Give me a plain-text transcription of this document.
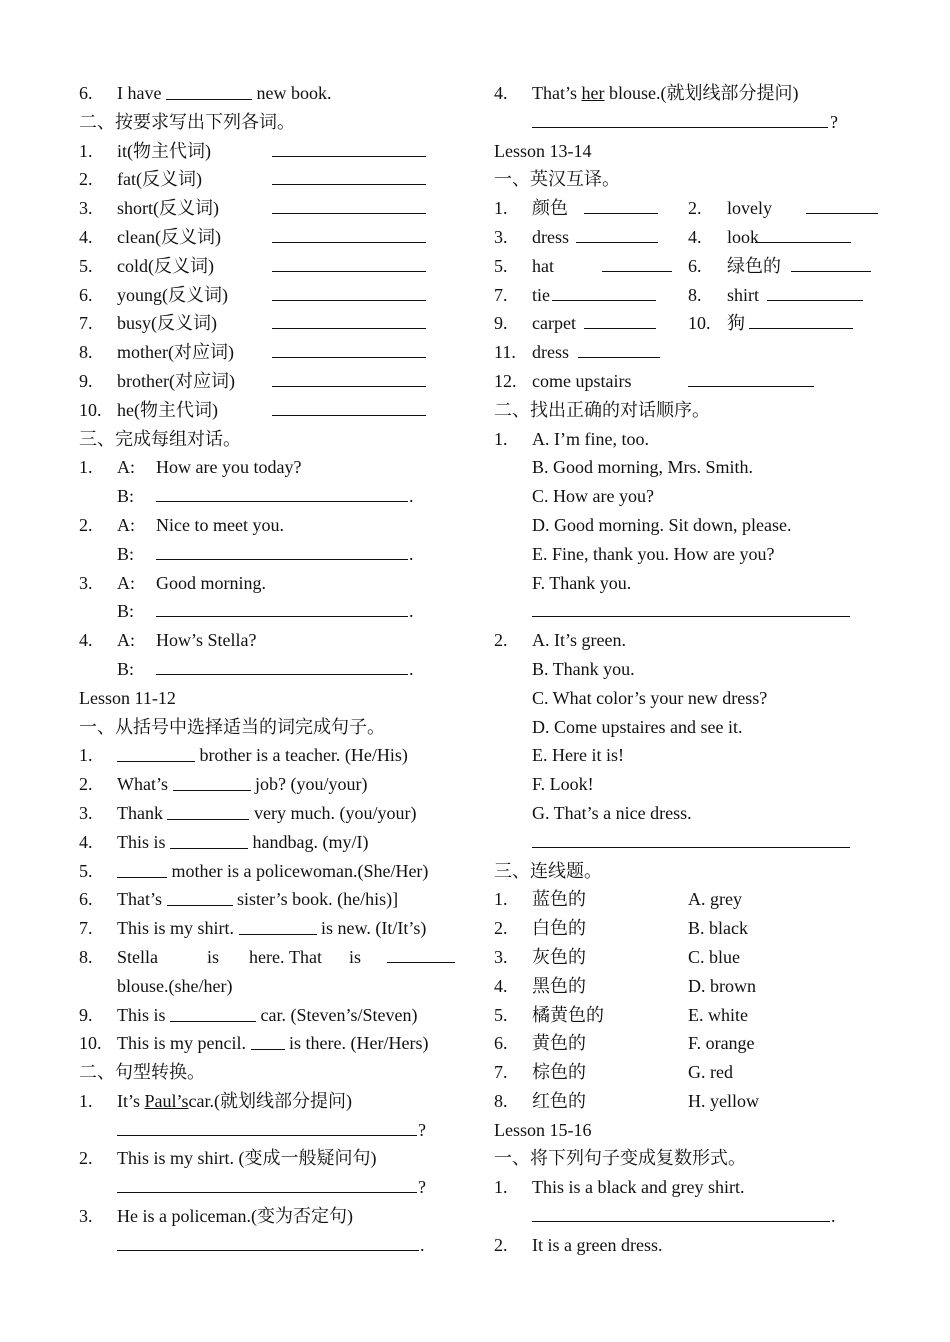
6. I have	new book.
二、按要求写出下列各词。
1. it(物主代词)
2. fat(反义词)
3. short(反义词)
4. clean(反义词)
5. cold(反义词)
6. young(反义词)
7. busy(反义词)
8. mother(对应词)
9. brother(对应词)
10. he(物主代词)
三、完成每组对话。
1. A: How are you today?
B:	.
2. A: Nice to meet you.
B:	.
3. A: Good morning.
B:	.
4. A: How’s Stella?
B:	.
Lesson 11-12
一、从括号中选择适当的词完成句子。
1.	brother is a teacher. (He/His)
2. What’s	job? (you/your)
3. Thank	very much. (you/your)
4. This is	handbag. (my/I)
5.	mother is a policewoman.(She/Her)
6. That’s	sister’s book. (he/his)]
7. This is my shirt.	is new. (It/It’s)
8. Stella	is here. That is
blouse.(she/her)
9. This is	car. (Steven’s/Steven)
10. This is my pencil. is there. (Her/Hers)
二、句型转换。
1. It’s Paul’scar.(就划线部分提问)
?
2. This is my shirt. (变成一般疑问句)
?
3. He is a policeman.(变为否定句)
.
4. That’s her blouse.(就划线部分提问)
?
Lesson 13-14
一、英汉互译。
1. 颜色	2. lovely
3. dress	4. look
5. hat	6. 绿色的
7. tie	8. shirt
9. carpet	10. 狗
11. dress
12. come upstairs
二、找出正确的对话顺序。
1. A. I’m fine, too.
B. Good morning, Mrs. Smith.
C. How are you?
D. Good morning. Sit down, please.
E. Fine, thank you. How are you?
F. Thank you.
2. A. It’s green.
B. Thank you.
C. What color’s your new dress?
D. Come upstaires and see it.
E. Here it is!
F. Look!
G. That’s a nice dress.
三、连线题。
1. 蓝色的	A. grey
2. 白色的	B. black
3. 灰色的	C. blue
4. 黑色的	D. brown
5. 橘黄色的	E. white
6. 黄色的	F. orange
7. 棕色的	G. red
8. 红色的	H. yellow
Lesson 15-16
一、将下列句子变成复数形式。
1. This is a black and grey shirt.
.
2. It is a green dress.
